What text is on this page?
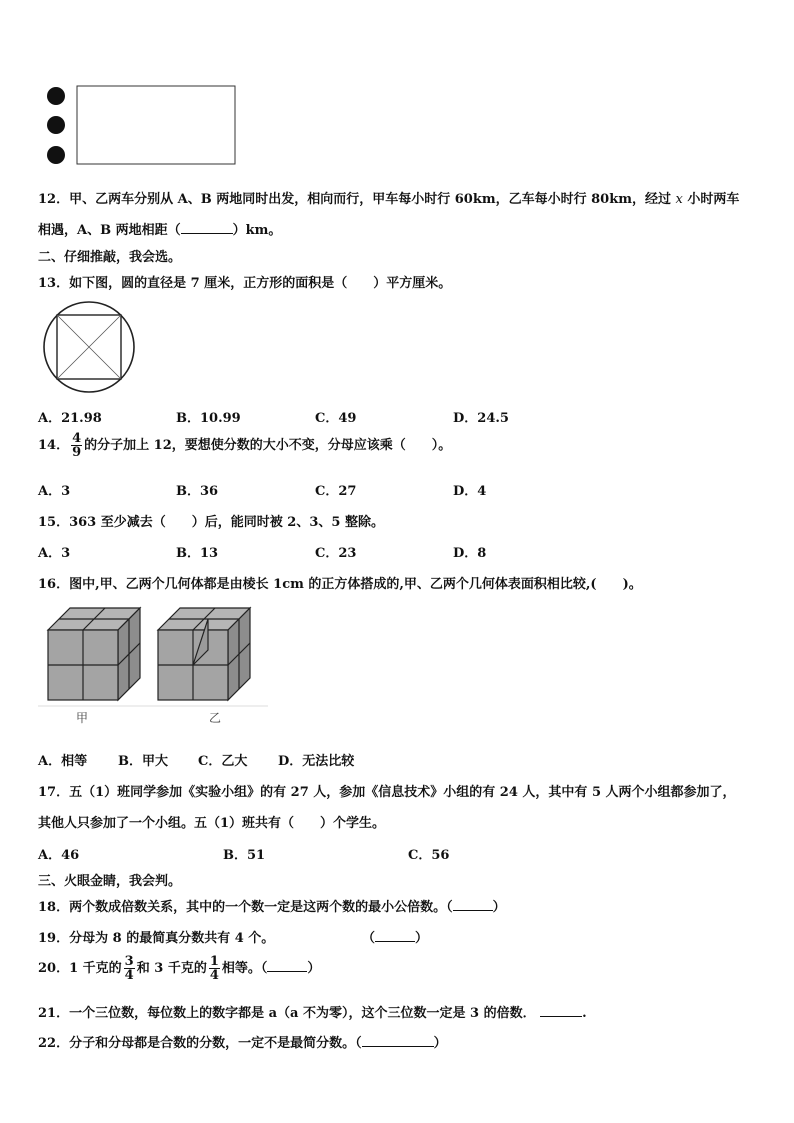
12．甲、乙两车分别从 A、B 两地同时出发，相向而行，甲车每小时行 60km，乙车每小时行 80km，经过 x 小时两车
相遇，A、B 两地相距（	）km。
二、仔细推敲，我会选。
13．如下图，圆的直径是 7 厘米，正方形的面积是（　　）平方厘米。
A．21.98	B．10.99	C．49	D．24.5
14． $\frac{4}{9}$ 的分子加上 12，要想使分数的大小不变，分母应该乘（　　）。
A．3	B．36	C．27	D．4
15．363 至少减去（　　）后，能同时被 2、3、5 整除。
A．3	B．13	C．23	D．8
16．图中,甲、乙两个几何体都是由棱长 1cm 的正方体搭成的,甲、乙两个几何体表面积相比较,(　　)。
甲	乙
A．相等 B．甲大 C．乙大 D．无法比较
17．五（1）班同学参加《实验小组》的有 27 人，参加《信息技术》小组的有 24 人，其中有 5 人两个小组都参加了，
其他人只参加了一个小组。五（1）班共有（　　）个学生。
A．46	B．51	C．56
三、火眼金睛，我会判。
18．两个数成倍数关系，其中的一个数一定是这两个数的最小公倍数。（	）
19．分母为 8 的最简真分数共有 4 个。	（	）
20．1 千克的 $\frac{3}{4}$ 和 3 千克的 $\frac{1}{4}$ 相等。（	）
21．一个三位数，每位数上的数字都是 a（a 不为零），这个三位数一定是 3 的倍数．	.
22．分子和分母都是合数的分数，一定不是最简分数。（	）
